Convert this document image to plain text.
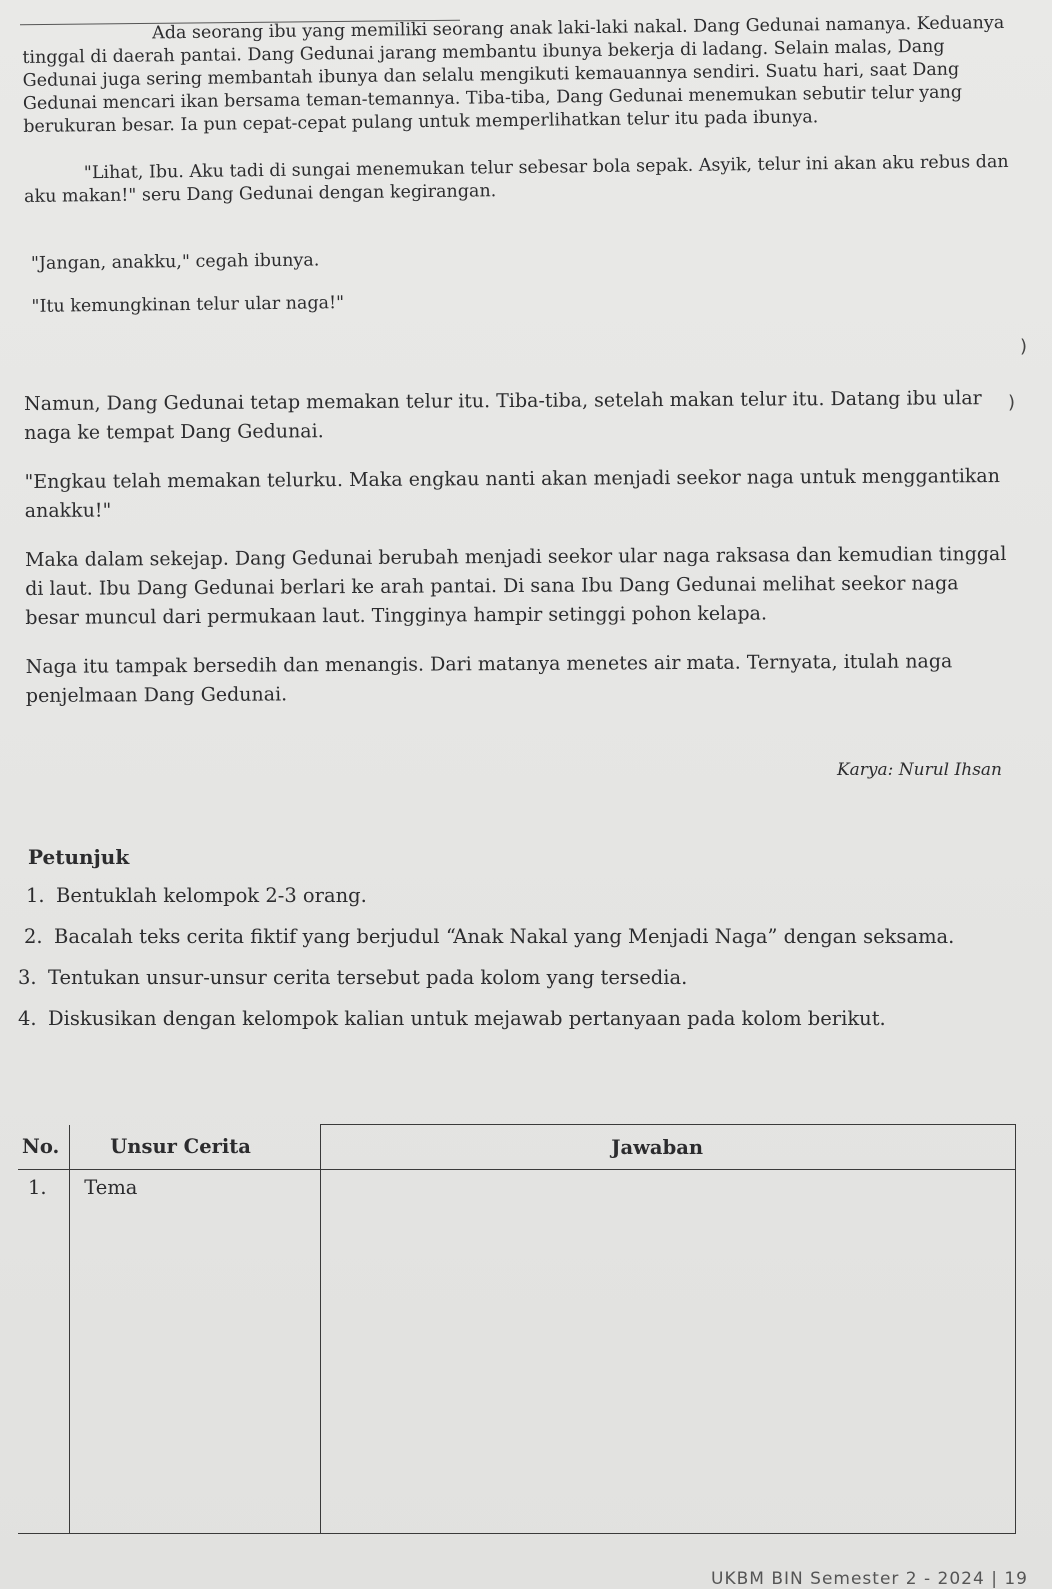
Ada seorang ibu yang memiliki seorang anak laki-laki nakal. Dang Gedunai namanya. Keduanya tinggal di daerah pantai. Dang Gedunai jarang membantu ibunya bekerja di ladang. Selain malas, Dang Gedunai juga sering membantah ibunya dan selalu mengikuti kemauannya sendiri. Suatu hari, saat Dang Gedunai mencari ikan bersama teman-temannya. Tiba-tiba, Dang Gedunai menemukan sebutir telur yang berukuran besar. Ia pun cepat-cepat pulang untuk memperlihatkan telur itu pada ibunya.

"Lihat, Ibu. Aku tadi di sungai menemukan telur sebesar bola sepak. Asyik, telur ini akan aku rebus dan aku makan!" seru Dang Gedunai dengan kegirangan.

"Jangan, anakku," cegah ibunya.

"Itu kemungkinan telur ular naga!"

)
)

Namun, Dang Gedunai tetap memakan telur itu. Tiba-tiba, setelah makan telur itu. Datang ibu ular naga ke tempat Dang Gedunai.

"Engkau telah memakan telurku. Maka engkau nanti akan menjadi seekor naga untuk menggantikan anakku!"

Maka dalam sekejap. Dang Gedunai berubah menjadi seekor ular naga raksasa dan kemudian tinggal di laut. Ibu Dang Gedunai berlari ke arah pantai. Di sana Ibu Dang Gedunai melihat seekor naga besar muncul dari permukaan laut. Tingginya hampir setinggi pohon kelapa.

Naga itu tampak bersedih dan menangis. Dari matanya menetes air mata. Ternyata, itulah naga penjelmaan Dang Gedunai.

Karya: Nurul Ihsan
Petunjuk
1. Bentuklah kelompok 2-3 orang.
2. Bacalah teks cerita fiktif yang berjudul “Anak Nakal yang Menjadi Naga” dengan seksama.
3. Tentukan unsur-unsur cerita tersebut pada kolom yang tersedia.
4. Diskusikan dengan kelompok kalian untuk mejawab pertanyaan pada kolom berikut.
No.	Unsur Cerita	Jawaban
1.	Tema	
UKBM BIN Semester 2 - 2024 | 19
